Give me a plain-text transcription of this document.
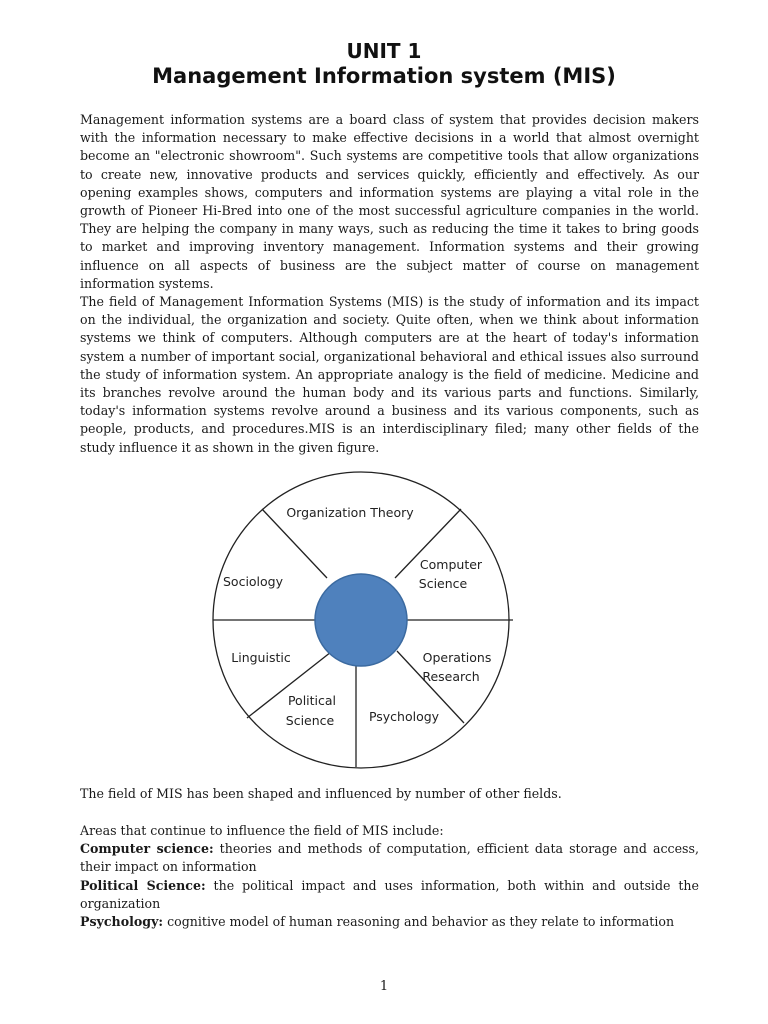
UNIT 1
Management Information system (MIS)

Management information systems are a board class of system that provides decision makers with the information necessary to make effective decisions in a world that almost overnight become an "electronic showroom". Such systems are competitive tools that allow organizations to create new, innovative products and services quickly, efficiently and effectively. As our opening examples shows, computers and information systems are playing a vital role in the growth of Pioneer Hi-Bred into one of the most successful agriculture companies in the world. They are helping the company in many ways, such as reducing the time it takes to bring goods to market and improving inventory management. Information systems and their growing influence on all aspects of business are the subject matter of course on management information systems.

The field of Management Information Systems (MIS) is the study of information and its impact on the individual, the organization and society. Quite often, when we think about information systems we think of computers. Although computers are at the heart of today's information system a number of important social, organizational behavioral and ethical issues also surround the study of information system. An appropriate analogy is the field of medicine. Medicine and its branches revolve around the human body and its various parts and functions. Similarly, today's information systems revolve around a business and its various components, such as people, products, and procedures.MIS is an interdisciplinary filed; many other fields of the study influence it as shown in the given figure.

Organization Theory
Computer
Science
Sociology
Linguistic	Operations
Research
Political
Science	Psychology

The field of MIS has been shaped and influenced by number of other fields.

Areas that continue to influence the field of MIS include:
Computer science: theories and methods of computation, efficient data storage and access, their impact on information
Political Science: the political impact and uses information, both within and outside the organization
Psychology: cognitive model of human reasoning and behavior as they relate to information
1
